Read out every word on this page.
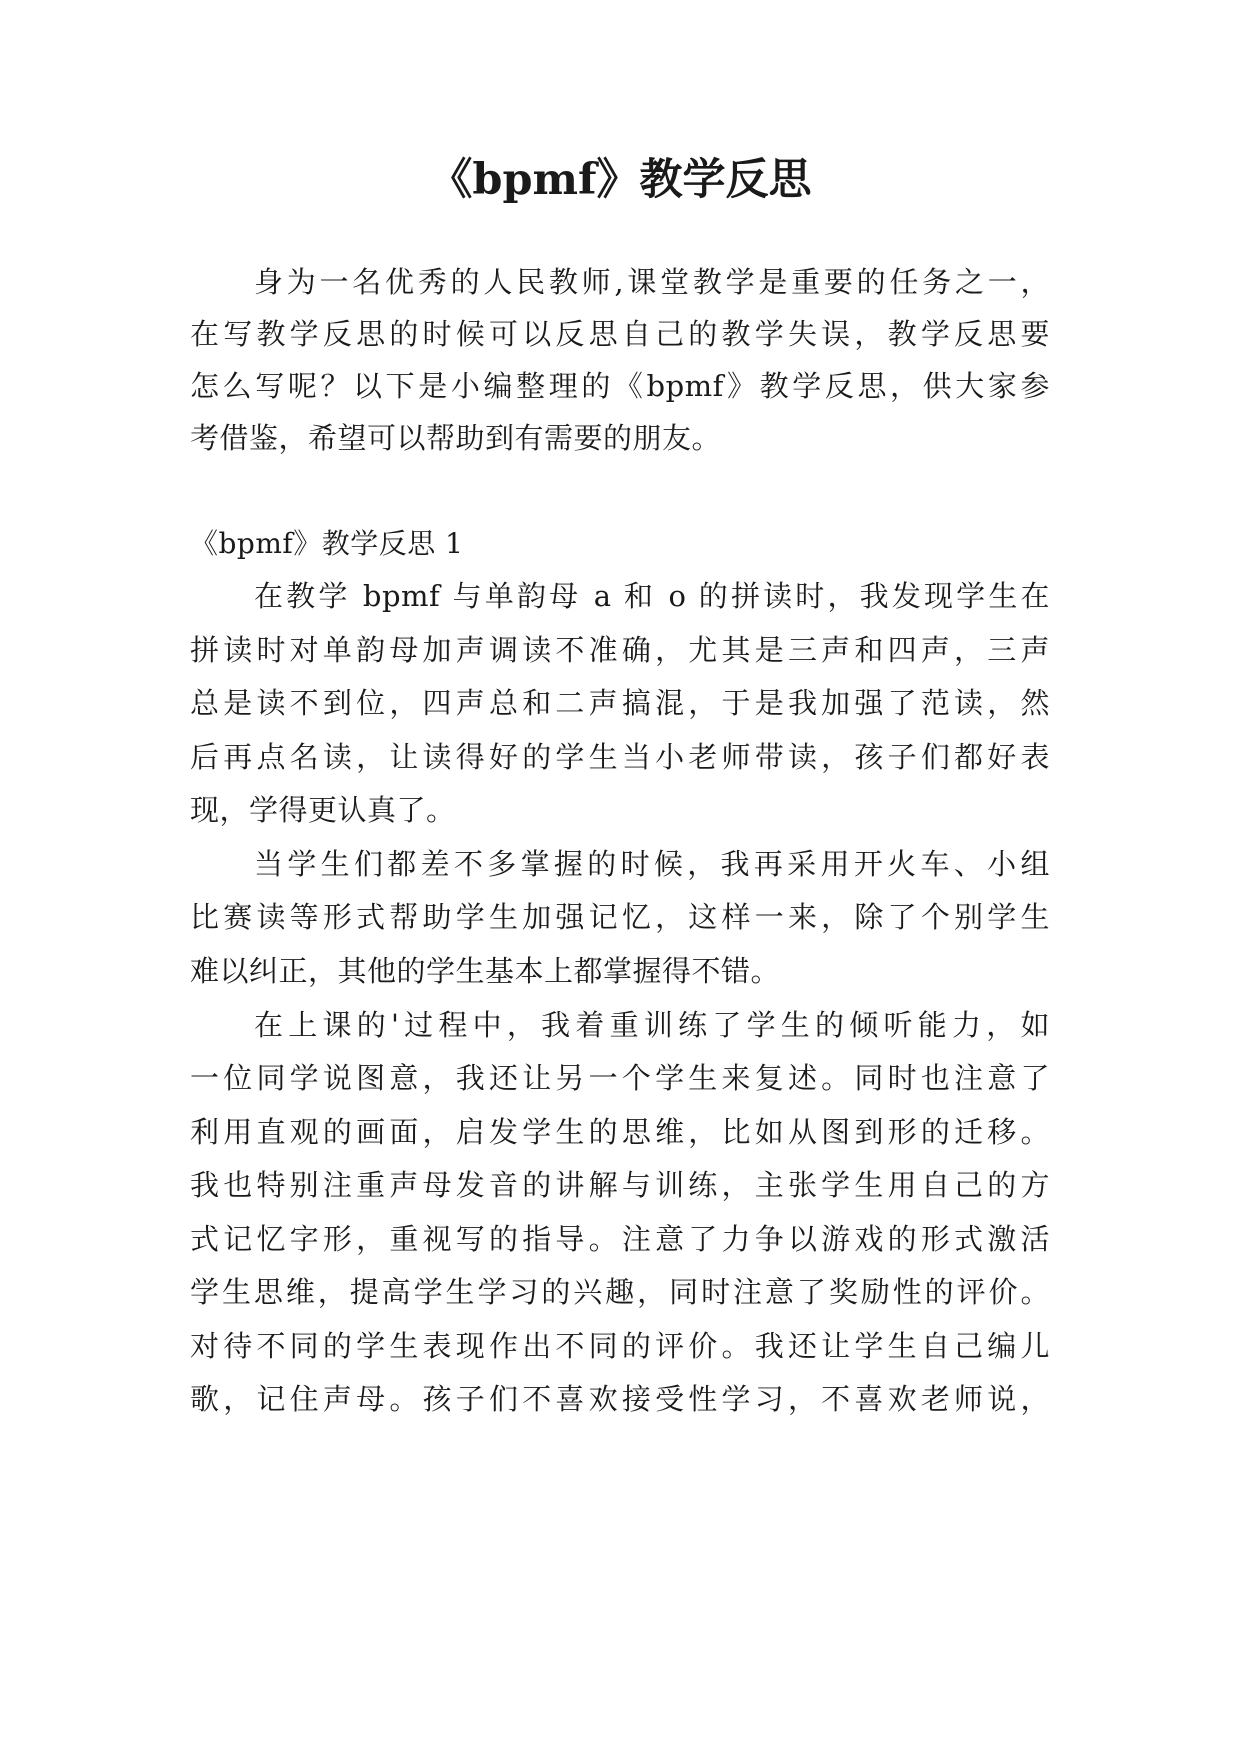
《bpmf》教学反思
身为一名优秀的人民教师,课堂教学是重要的任务之一，
在写教学反思的时候可以反思自己的教学失误，教学反思要
怎么写呢？以下是小编整理的《bpmf》教学反思，供大家参
考借鉴，希望可以帮助到有需要的朋友。
《bpmf》教学反思 1
在教学 bpmf 与单韵母 a 和 o 的拼读时，我发现学生在
拼读时对单韵母加声调读不准确，尤其是三声和四声，三声
总是读不到位，四声总和二声搞混，于是我加强了范读，然
后再点名读，让读得好的学生当小老师带读，孩子们都好表
现，学得更认真了。
当学生们都差不多掌握的时候，我再采用开火车、小组
比赛读等形式帮助学生加强记忆，这样一来，除了个别学生
难以纠正，其他的学生基本上都掌握得不错。
在上课的'过程中，我着重训练了学生的倾听能力，如
一位同学说图意，我还让另一个学生来复述。同时也注意了
利用直观的画面，启发学生的思维，比如从图到形的迁移。
我也特别注重声母发音的讲解与训练，主张学生用自己的方
式记忆字形，重视写的指导。注意了力争以游戏的形式激活
学生思维，提高学生学习的兴趣，同时注意了奖励性的评价。
对待不同的学生表现作出不同的评价。我还让学生自己编儿
歌，记住声母。孩子们不喜欢接受性学习，不喜欢老师说，
